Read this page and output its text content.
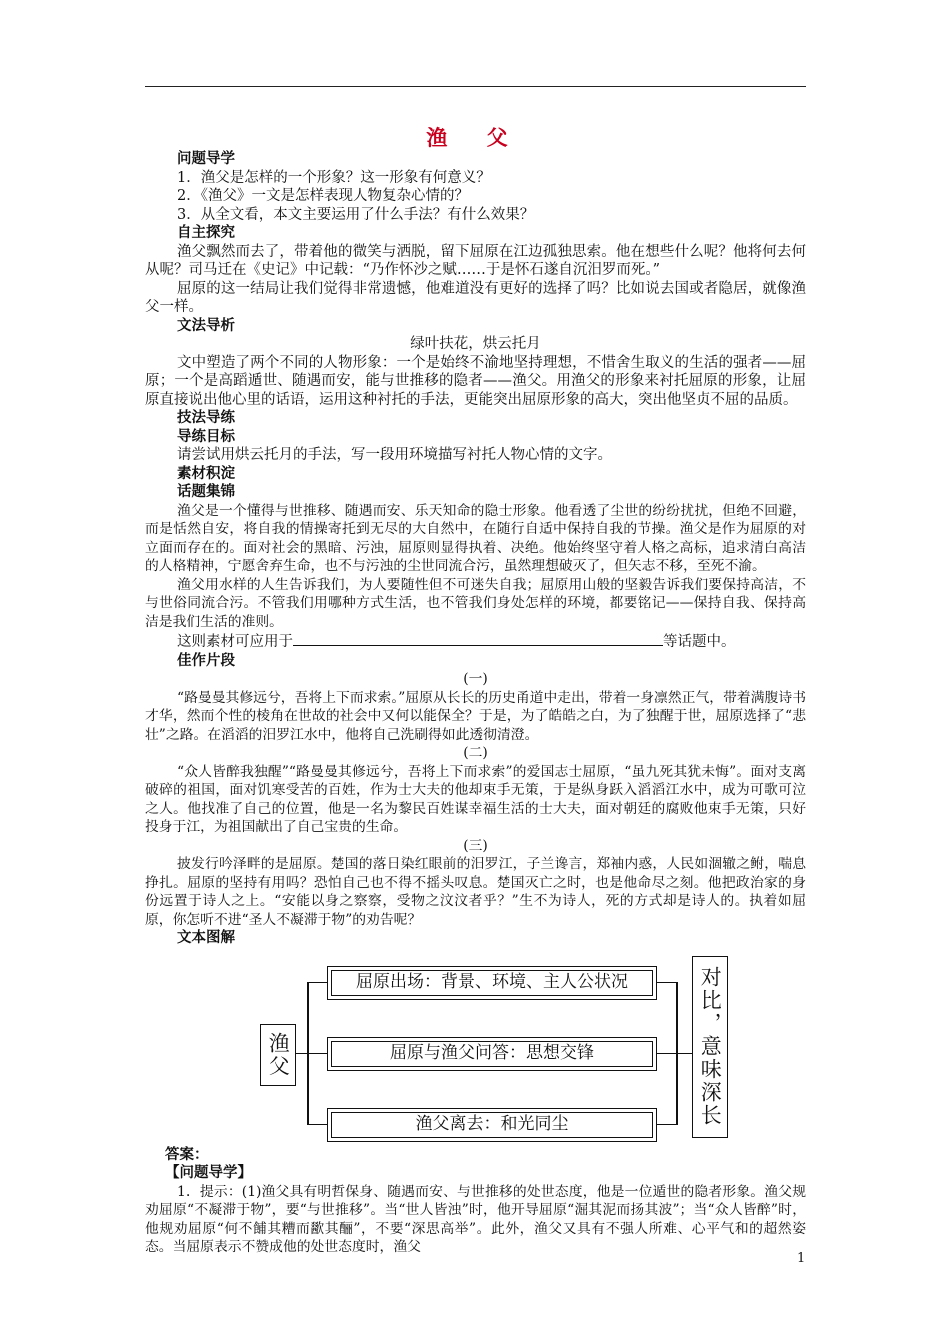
渔 父
问题导学
1．渔父是怎样的一个形象？这一形象有何意义？
2．《渔父》一文是怎样表现人物复杂心情的？
3．从全文看，本文主要运用了什么手法？有什么效果？
自主探究
渔父飘然而去了，带着他的微笑与洒脱，留下屈原在江边孤独思索。他在想些什么呢？他将何去何从呢？司马迁在《史记》中记载：“乃作怀沙之赋……于是怀石遂自沉汨罗而死。”
屈原的这一结局让我们觉得非常遗憾，他难道没有更好的选择了吗？比如说去国或者隐居，就像渔父一样。
文法导析
绿叶扶花，烘云托月
文中塑造了两个不同的人物形象：一个是始终不渝地坚持理想，不惜舍生取义的生活的强者——屈原；一个是高蹈遁世、随遇而安，能与世推移的隐者——渔父。用渔父的形象来衬托屈原的形象，让屈原直接说出他心里的话语，运用这种衬托的手法，更能突出屈原形象的高大，突出他坚贞不屈的品质。
技法导练
导练目标
请尝试用烘云托月的手法，写一段用环境描写衬托人物心情的文字。
素材积淀
话题集锦
渔父是一个懂得与世推移、随遇而安、乐天知命的隐士形象。他看透了尘世的纷纷扰扰，但绝不回避，而是恬然自安，将自我的情操寄托到无尽的大自然中，在随行自适中保持自我的节操。渔父是作为屈原的对立面而存在的。面对社会的黑暗、污浊，屈原则显得执着、决绝。他始终坚守着人格之高标，追求清白高洁的人格精神，宁愿舍弃生命，也不与污浊的尘世同流合污，虽然理想破灭了，但矢志不移，至死不渝。
渔父用水样的人生告诉我们，为人要随性但不可迷失自我；屈原用山般的坚毅告诉我们要保持高洁，不与世俗同流合污。不管我们用哪种方式生活，也不管我们身处怎样的环境，都要铭记——保持自我、保持高洁是我们生活的准则。
这则素材可应用于	等话题中。
佳作片段
(一)
“路曼曼其修远兮，吾将上下而求索。”屈原从长长的历史甬道中走出，带着一身凛然正气，带着满腹诗书才华，然而个性的棱角在世故的社会中又何以能保全？于是，为了皓皓之白，为了独醒于世，屈原选择了“悲壮”之路。在滔滔的汨罗江水中，他将自己洗刷得如此透彻清澄。
(二)
“众人皆醉我独醒”“路曼曼其修远兮，吾将上下而求索”的爱国志士屈原，“虽九死其犹未悔”。面对支离破碎的祖国，面对饥寒受苦的百姓，作为士大夫的他却束手无策，于是纵身跃入滔滔江水中，成为可歌可泣之人。他找准了自己的位置，他是一名为黎民百姓谋幸福生活的士大夫，面对朝廷的腐败他束手无策，只好投身于江，为祖国献出了自己宝贵的生命。
(三)
披发行吟泽畔的是屈原。楚国的落日染红眼前的汨罗江，子兰谗言，郑袖内惑，人民如涸辙之鲋，喘息挣扎。屈原的坚持有用吗？恐怕自己也不得不摇头叹息。楚国灭亡之时，也是他命尽之刻。他把政治家的身份远置于诗人之上。“安能以身之察察，受物之汶汶者乎？”生不为诗人，死的方式却是诗人的。执着如屈原，你怎听不进“圣人不凝滞于物”的劝告呢？
文本图解
渔父
屈原出场：背景、环境、主人公状况
屈原与渔父问答：思想交锋
渔父离去：和光同尘	对比，意味深长
答案：
【问题导学】
1．提示：(1)渔父具有明哲保身、随遇而安、与世推移的处世态度，他是一位遁世的隐者形象。渔父规劝屈原“不凝滞于物”，要“与世推移”。当“世人皆浊”时，他开导屈原“淈其泥而扬其波”；当“众人皆醉”时，他规劝屈原“何不餔其糟而歠其酾”，不要“深思高举”。此外，渔父又具有不强人所难、心平气和的超然姿态。当屈原表示不赞成他的处世态度时，渔父
1
